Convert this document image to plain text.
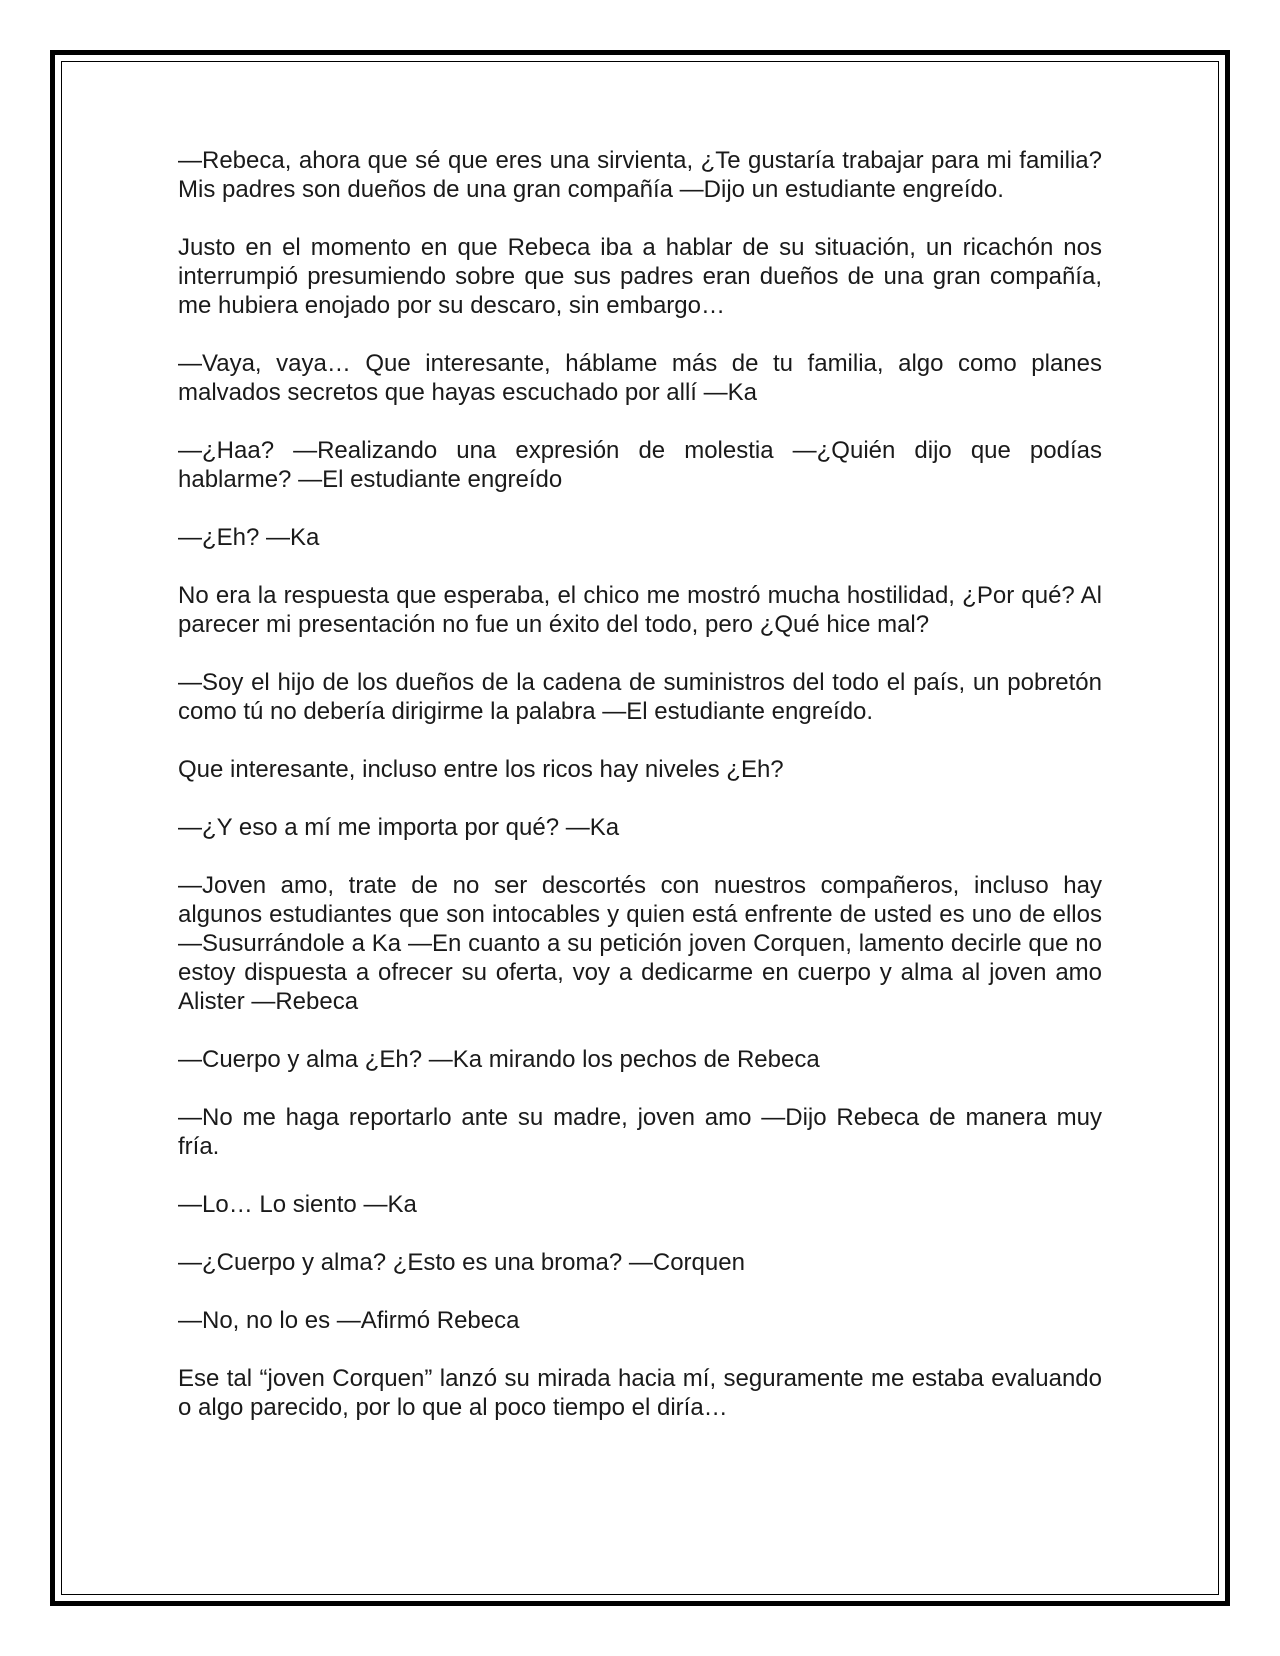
—Rebeca, ahora que sé que eres una sirvienta, ¿Te gustaría trabajar para mi familia? Mis padres son dueños de una gran compañía —Dijo un estudiante engreído.

Justo en el momento en que Rebeca iba a hablar de su situación, un ricachón nos interrumpió presumiendo sobre que sus padres eran dueños de una gran compañía, me hubiera enojado por su descaro, sin embargo…

—Vaya, vaya… Que interesante, háblame más de tu familia, algo como planes malvados secretos que hayas escuchado por allí —Ka

—¿Haa? —Realizando una expresión de molestia —¿Quién dijo que podías hablarme? —El estudiante engreído

—¿Eh? —Ka

No era la respuesta que esperaba, el chico me mostró mucha hostilidad, ¿Por qué? Al parecer mi presentación no fue un éxito del todo, pero ¿Qué hice mal?

—Soy el hijo de los dueños de la cadena de suministros del todo el país, un pobretón como tú no debería dirigirme la palabra —El estudiante engreído.

Que interesante, incluso entre los ricos hay niveles ¿Eh?

—¿Y eso a mí me importa por qué? —Ka

—Joven amo, trate de no ser descortés con nuestros compañeros, incluso hay algunos estudiantes que son intocables y quien está enfrente de usted es uno de ellos —Susurrándole a Ka —En cuanto a su petición joven Corquen, lamento decirle que no estoy dispuesta a ofrecer su oferta, voy a dedicarme en cuerpo y alma al joven amo Alister —Rebeca

—Cuerpo y alma ¿Eh? —Ka mirando los pechos de Rebeca

—No me haga reportarlo ante su madre, joven amo —Dijo Rebeca de manera muy fría.

—Lo… Lo siento —Ka

—¿Cuerpo y alma? ¿Esto es una broma? —Corquen

—No, no lo es —Afirmó Rebeca

Ese tal “joven Corquen” lanzó su mirada hacia mí, seguramente me estaba evaluando o algo parecido, por lo que al poco tiempo el diría…
